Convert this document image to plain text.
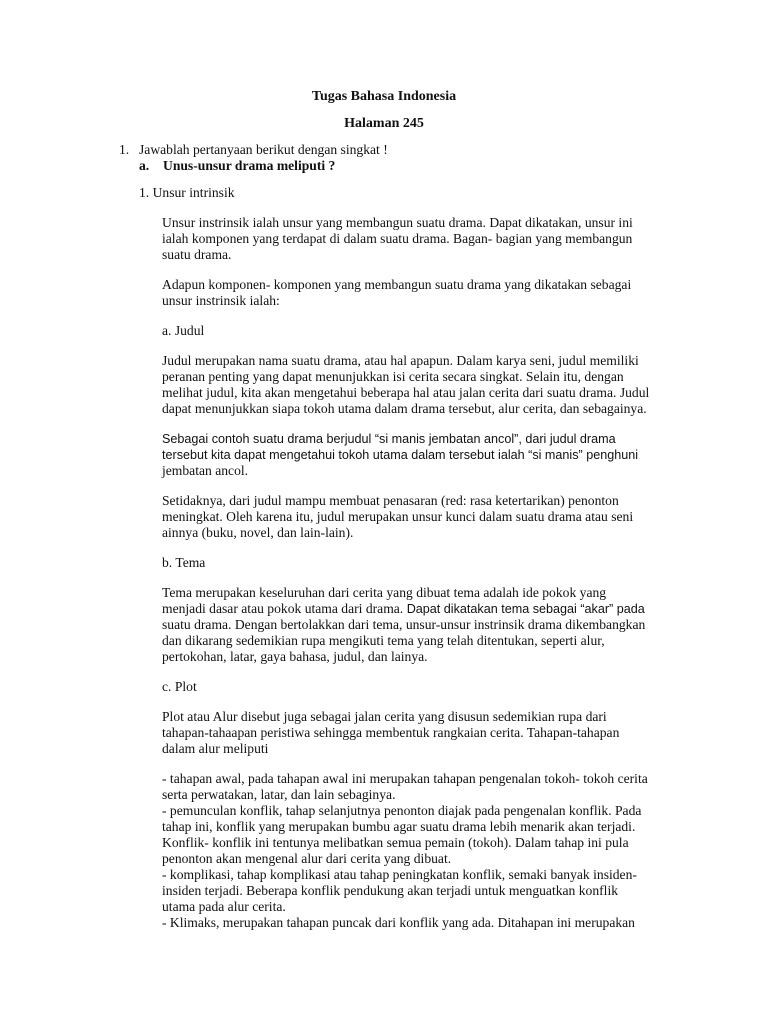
Tugas Bahasa Indonesia
Halaman 245
1. Jawablah pertanyaan berikut dengan singkat !
a. Unus-unsur drama meliputi ?
1. Unsur intrinsik
Unsur instrinsik ialah unsur yang membangun suatu drama. Dapat dikatakan, unsur ini
ialah komponen yang terdapat di dalam suatu drama. Bagan- bagian yang membangun
suatu drama.
Adapun komponen- komponen yang membangun suatu drama yang dikatakan sebagai
unsur instrinsik ialah:
a. Judul
Judul merupakan nama suatu drama, atau hal apapun. Dalam karya seni, judul memiliki
peranan penting yang dapat menunjukkan isi cerita secara singkat. Selain itu, dengan
melihat judul, kita akan mengetahui beberapa hal atau jalan cerita dari suatu drama. Judul
dapat menunjukkan siapa tokoh utama dalam drama tersebut, alur cerita, dan sebagainya.
Sebagai contoh suatu drama berjudul “si manis jembatan ancol”, dari judul drama
tersebut kita dapat mengetahui tokoh utama dalam tersebut ialah “si manis” penghuni
jembatan ancol.
Setidaknya, dari judul mampu membuat penasaran (red: rasa ketertarikan) penonton
meningkat. Oleh karena itu, judul merupakan unsur kunci dalam suatu drama atau seni
ainnya (buku, novel, dan lain-lain).
b. Tema
Tema merupakan keseluruhan dari cerita yang dibuat tema adalah ide pokok yang
menjadi dasar atau pokok utama dari drama. Dapat dikatakan tema sebagai “akar” pada
suatu drama. Dengan bertolakkan dari tema, unsur-unsur instrinsik drama dikembangkan
dan dikarang sedemikian rupa mengikuti tema yang telah ditentukan, seperti alur,
pertokohan, latar, gaya bahasa, judul, dan lainya.
c. Plot
Plot atau Alur disebut juga sebagai jalan cerita yang disusun sedemikian rupa dari
tahapan-tahaapan peristiwa sehingga membentuk rangkaian cerita. Tahapan-tahapan
dalam alur meliputi
- tahapan awal, pada tahapan awal ini merupakan tahapan pengenalan tokoh- tokoh cerita
serta perwatakan, latar, dan lain sebaginya.
- pemunculan konflik, tahap selanjutnya penonton diajak pada pengenalan konflik. Pada
tahap ini, konflik yang merupakan bumbu agar suatu drama lebih menarik akan terjadi.
Konflik- konflik ini tentunya melibatkan semua pemain (tokoh). Dalam tahap ini pula
penonton akan mengenal alur dari cerita yang dibuat.
- komplikasi, tahap komplikasi atau tahap peningkatan konflik, semaki banyak insiden-
insiden terjadi. Beberapa konflik pendukung akan terjadi untuk menguatkan konflik
utama pada alur cerita.
- Klimaks, merupakan tahapan puncak dari konflik yang ada. Ditahapan ini merupakan
